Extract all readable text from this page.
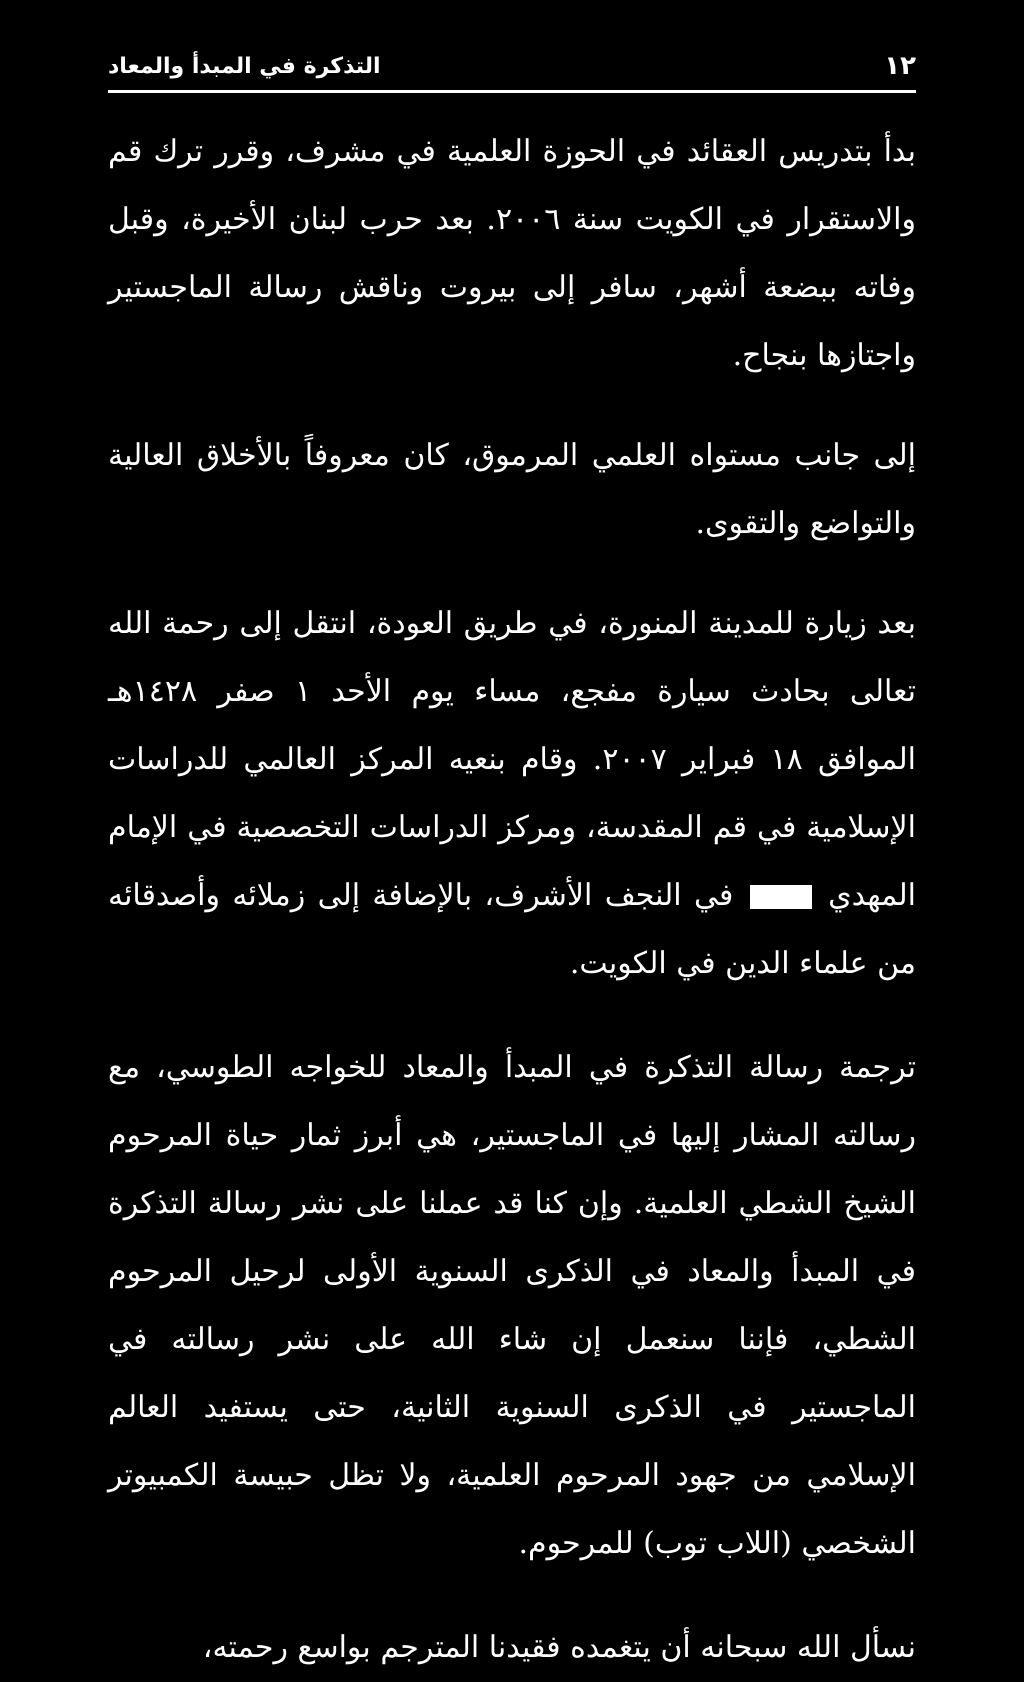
١٢
التذكرة في المبدأ والمعاد

بدأ بتدريس العقائد في الحوزة العلمية في مشرف، وقرر ترك قم والاستقرار في الكويت سنة ٢٠٠٦. بعد حرب لبنان الأخيرة، وقبل وفاته ببضعة أشهر، سافر إلى بيروت وناقش رسالة الماجستير واجتازها بنجاح.

إلى جانب مستواه العلمي المرموق، كان معروفاً بالأخلاق العالية والتواضع والتقوى.

بعد زيارة للمدينة المنورة، في طريق العودة، انتقل إلى رحمة الله تعالى بحادث سيارة مفجع، مساء يوم الأحد ١ صفر ١٤٢٨هـ الموافق ١٨ فبراير ٢٠٠٧. وقام بنعيه المركز العالمي للدراسات الإسلامية في قم المقدسة، ومركز الدراسات التخصصية في الإمام المهدي  في النجف الأشرف، بالإضافة إلى زملائه وأصدقائه من علماء الدين في الكويت.

ترجمة رسالة التذكرة في المبدأ والمعاد للخواجه الطوسي، مع رسالته المشار إليها في الماجستير، هي أبرز ثمار حياة المرحوم الشيخ الشطي العلمية. وإن كنا قد عملنا على نشر رسالة التذكرة في المبدأ والمعاد في الذكرى السنوية الأولى لرحيل المرحوم الشطي، فإننا سنعمل إن شاء الله على نشر رسالته في الماجستير في الذكرى السنوية الثانية، حتى يستفيد العالم الإسلامي من جهود المرحوم العلمية، ولا تظل حبيسة الكمبيوتر الشخصي (اللاب توب) للمرحوم.

نسأل الله سبحانه أن يتغمده فقيدنا المترجم بواسع رحمته،
